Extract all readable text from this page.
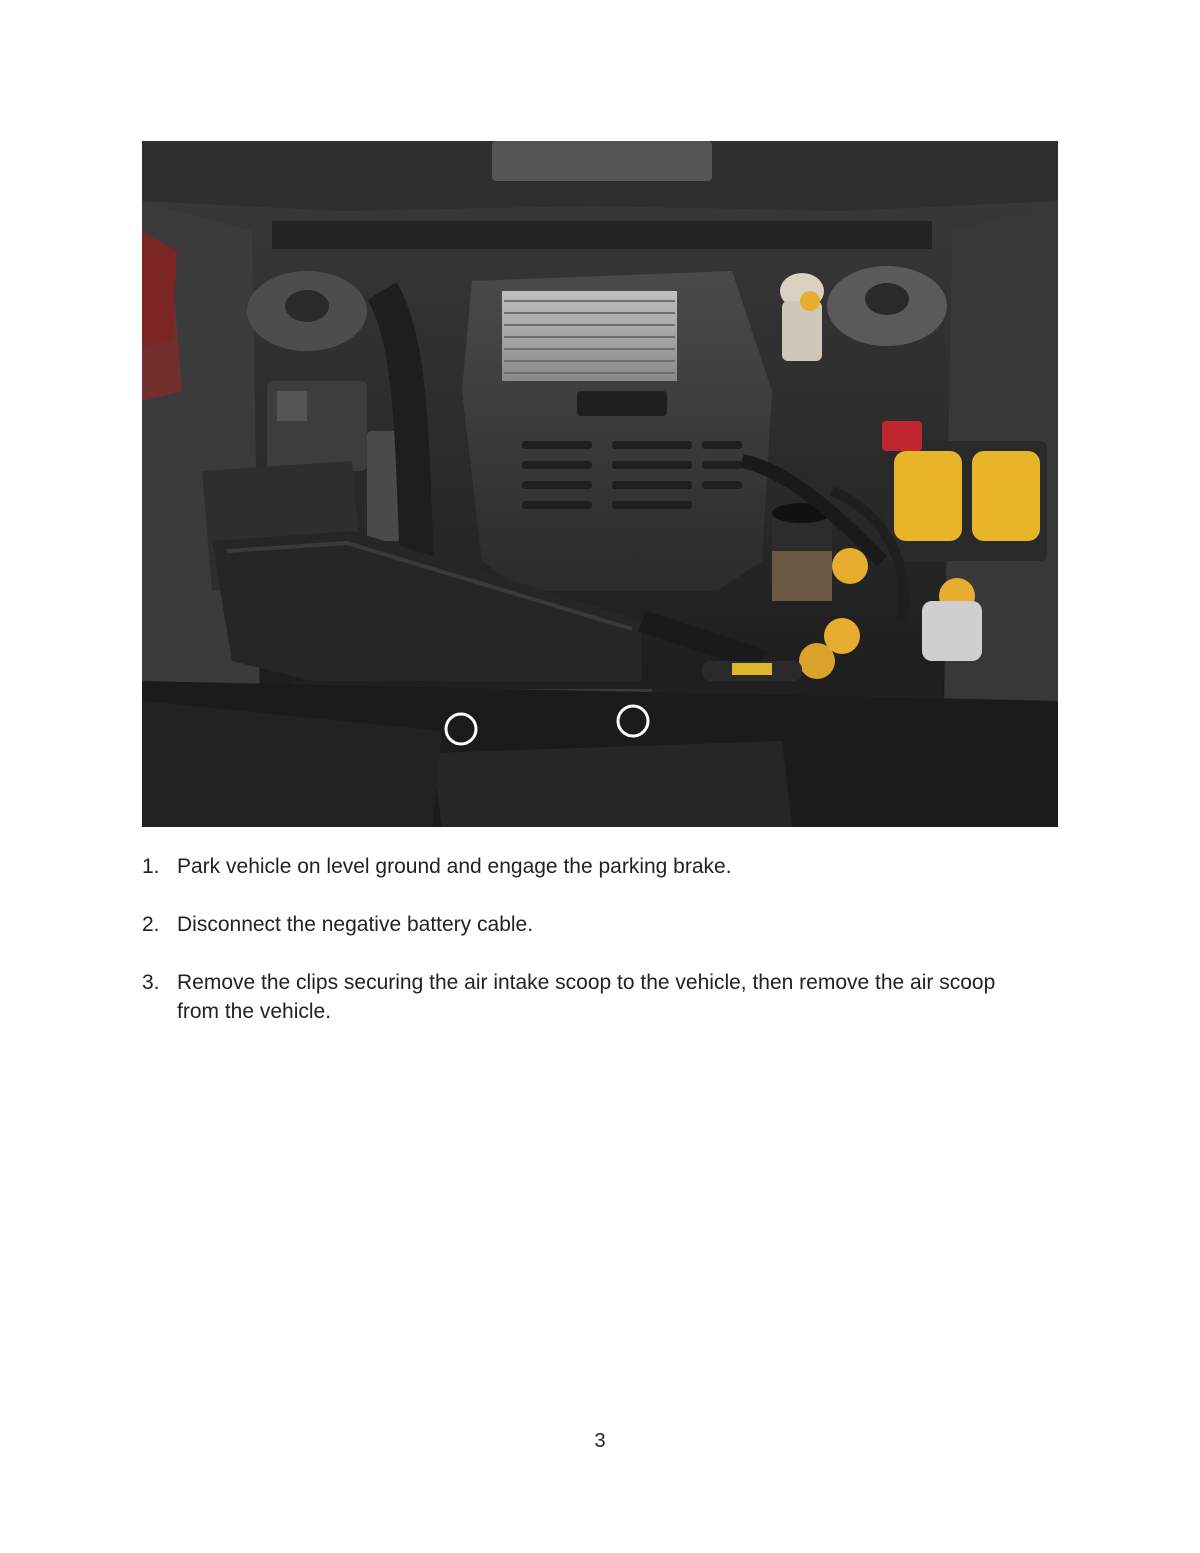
1. Park vehicle on level ground and engage the parking brake.
2. Disconnect the negative battery cable.
3. Remove the clips securing the air intake scoop to the vehicle, then remove the air scoop from the vehicle.
3
